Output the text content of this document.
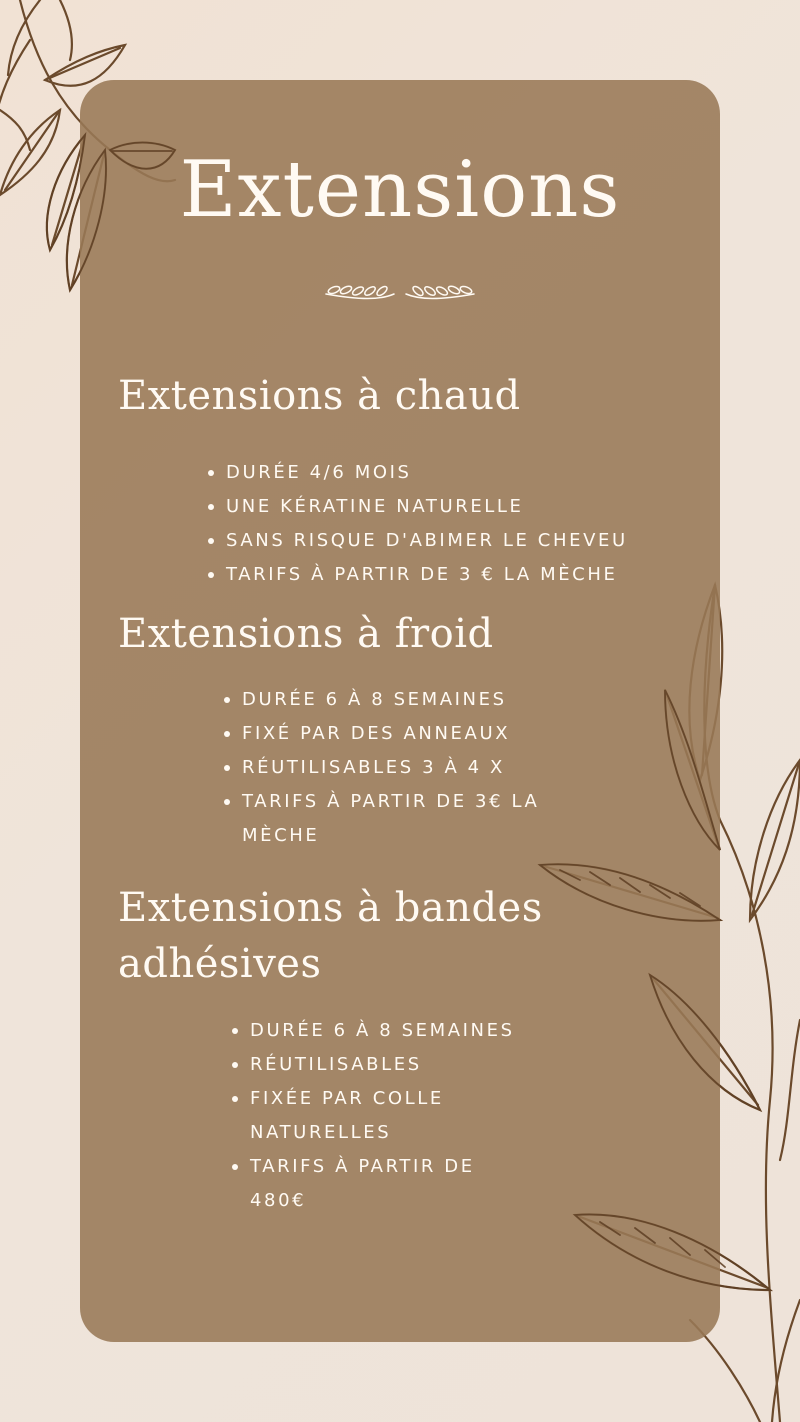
Extensions
Extensions à chaud
DURÉE 4/6 MOIS
UNE KÉRATINE NATURELLE
SANS RISQUE D'ABIMER LE CHEVEU
TARIFS À PARTIR DE 3 € LA MÈCHE
Extensions à froid
DURÉE 6 À 8 SEMAINES
FIXÉ PAR DES ANNEAUX
RÉUTILISABLES 3 À 4 X
TARIFS À PARTIR DE 3€ LA MÈCHE
Extensions à bandes adhésives
DURÉE 6 À 8 SEMAINES
RÉUTILISABLES
FIXÉE PAR COLLE NATURELLES
TARIFS À PARTIR DE 480€
